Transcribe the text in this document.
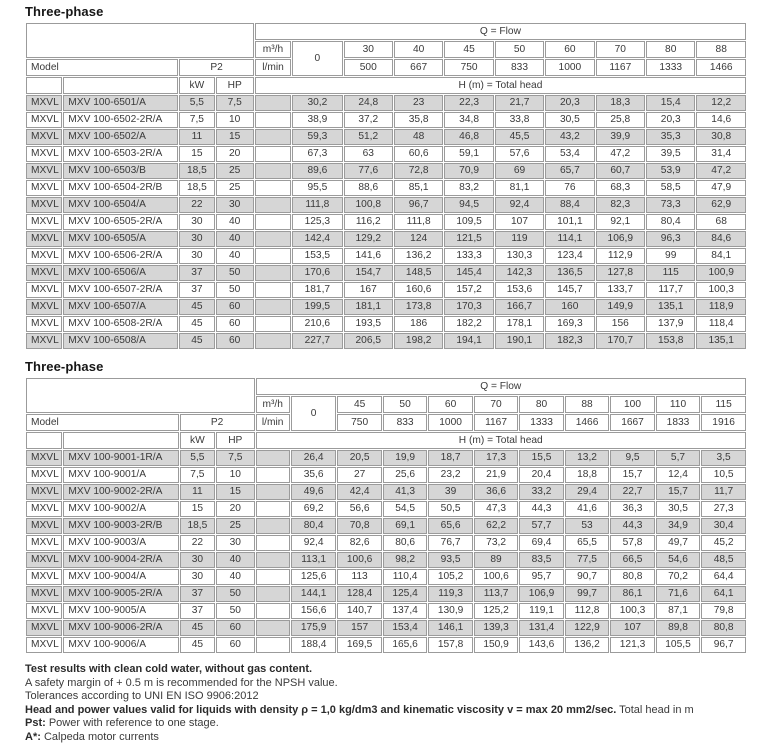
Three-phase
				Q = Flow									
				m³/h	0	30	40	45	50	60	70	80	88
Model		P2		l/min		500	667	750	833	1000	1167	1333	1466
		kW	HP	H (m) = Total head									
MXVL	MXV 100-6501/A	5,5	7,5		30,2	24,8	23	22,3	21,7	20,3	18,3	15,4	12,2
MXVL	MXV 100-6502-2R/A	7,5	10		38,9	37,2	35,8	34,8	33,8	30,5	25,8	20,3	14,6
MXVL	MXV 100-6502/A	11	15		59,3	51,2	48	46,8	45,5	43,2	39,9	35,3	30,8
MXVL	MXV 100-6503-2R/A	15	20		67,3	63	60,6	59,1	57,6	53,4	47,2	39,5	31,4
MXVL	MXV 100-6503/B	18,5	25		89,6	77,6	72,8	70,9	69	65,7	60,7	53,9	47,2
MXVL	MXV 100-6504-2R/B	18,5	25		95,5	88,6	85,1	83,2	81,1	76	68,3	58,5	47,9
MXVL	MXV 100-6504/A	22	30		111,8	100,8	96,7	94,5	92,4	88,4	82,3	73,3	62,9
MXVL	MXV 100-6505-2R/A	30	40		125,3	116,2	111,8	109,5	107	101,1	92,1	80,4	68
MXVL	MXV 100-6505/A	30	40		142,4	129,2	124	121,5	119	114,1	106,9	96,3	84,6
MXVL	MXV 100-6506-2R/A	30	40		153,5	141,6	136,2	133,3	130,3	123,4	112,9	99	84,1
MXVL	MXV 100-6506/A	37	50		170,6	154,7	148,5	145,4	142,3	136,5	127,8	115	100,9
MXVL	MXV 100-6507-2R/A	37	50		181,7	167	160,6	157,2	153,6	145,7	133,7	117,7	100,3
MXVL	MXV 100-6507/A	45	60		199,5	181,1	173,8	170,3	166,7	160	149,9	135,1	118,9
MXVL	MXV 100-6508-2R/A	45	60		210,6	193,5	186	182,2	178,1	169,3	156	137,9	118,4
MXVL	MXV 100-6508/A	45	60		227,7	206,5	198,2	194,1	190,1	182,3	170,7	153,8	135,1
Three-phase
				Q = Flow										
				m³/h	0	45	50	60	70	80	88	100	110	115
Model		P2		l/min		750	833	1000	1167	1333	1466	1667	1833	1916
		kW	HP	H (m) = Total head										
MXVL	MXV 100-9001-1R/A	5,5	7,5		26,4	20,5	19,9	18,7	17,3	15,5	13,2	9,5	5,7	3,5
MXVL	MXV 100-9001/A	7,5	10		35,6	27	25,6	23,2	21,9	20,4	18,8	15,7	12,4	10,5
MXVL	MXV 100-9002-2R/A	11	15		49,6	42,4	41,3	39	36,6	33,2	29,4	22,7	15,7	11,7
MXVL	MXV 100-9002/A	15	20		69,2	56,6	54,5	50,5	47,3	44,3	41,6	36,3	30,5	27,3
MXVL	MXV 100-9003-2R/B	18,5	25		80,4	70,8	69,1	65,6	62,2	57,7	53	44,3	34,9	30,4
MXVL	MXV 100-9003/A	22	30		92,4	82,6	80,6	76,7	73,2	69,4	65,5	57,8	49,7	45,2
MXVL	MXV 100-9004-2R/A	30	40		113,1	100,6	98,2	93,5	89	83,5	77,5	66,5	54,6	48,5
MXVL	MXV 100-9004/A	30	40		125,6	113	110,4	105,2	100,6	95,7	90,7	80,8	70,2	64,4
MXVL	MXV 100-9005-2R/A	37	50		144,1	128,4	125,4	119,3	113,7	106,9	99,7	86,1	71,6	64,1
MXVL	MXV 100-9005/A	37	50		156,6	140,7	137,4	130,9	125,2	119,1	112,8	100,3	87,1	79,8
MXVL	MXV 100-9006-2R/A	45	60		175,9	157	153,4	146,1	139,3	131,4	122,9	107	89,8	80,8
MXVL	MXV 100-9006/A	45	60		188,4	169,5	165,6	157,8	150,9	143,6	136,2	121,3	105,5	96,7
Test results with clean cold water, without gas content.
A safety margin of + 0.5 m is recommended for the NPSH value.
Tolerances according to UNI EN ISO 9906:2012
Head and power values valid for liquids with density ρ = 1,0 kg/dm3 and kinematic viscosity v = max 20 mm2/sec. Total head in m
Pst: Power with reference to one stage.
A*: Calpeda motor currents
